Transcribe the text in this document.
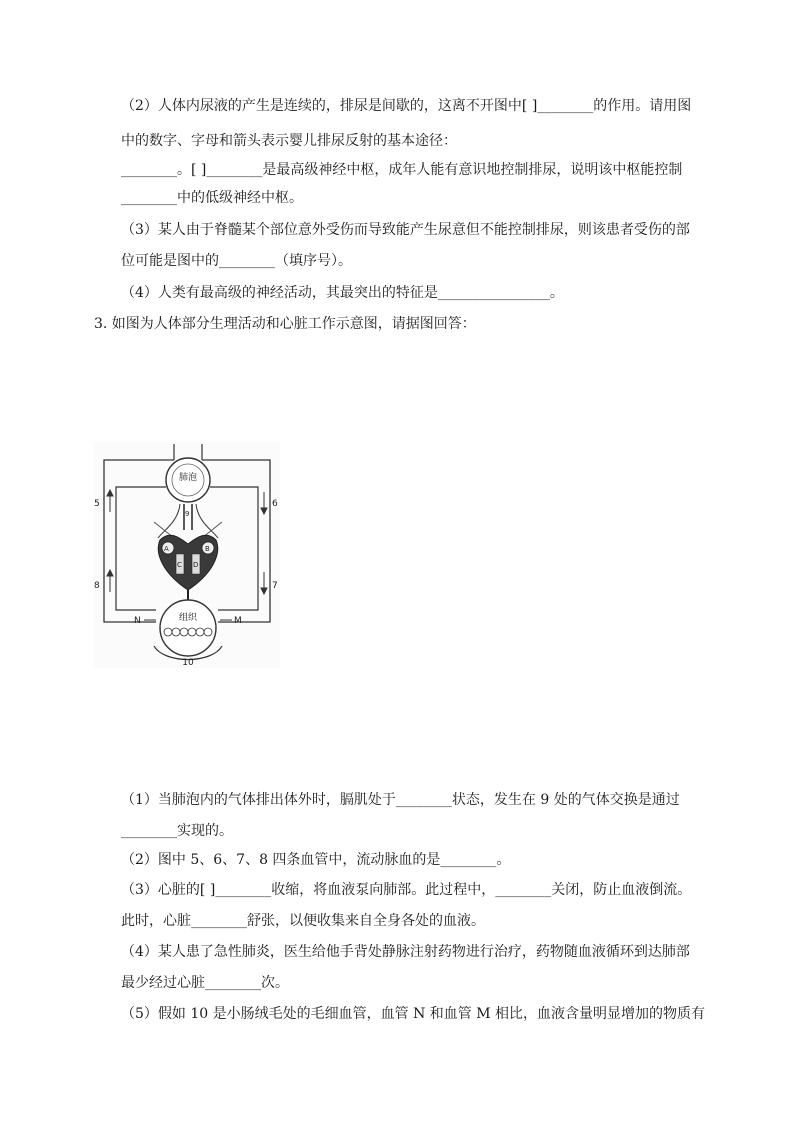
（2）人体内尿液的产生是连续的，排尿是间歇的，这离不开图中[ ]________的作用。请用图
中的数字、字母和箭头表示婴儿排尿反射的基本途径：
________。[ ]________是最高级神经中枢，成年人能有意识地控制排尿，说明该中枢能控制
________中的低级神经中枢。
（3）某人由于脊髓某个部位意外受伤而导致能产生尿意但不能控制排尿，则该患者受伤的部
位可能是图中的________（填序号）。
（4）人类有最高级的神经活动，其最突出的特征是________________。
3. 如图为人体部分生理活动和心脏工作示意图，请据图回答：
肺泡
9
A	B
C D
组织
N	M
10
5	6
7
8
（1）当肺泡内的气体排出体外时，膈肌处于________状态，发生在 9 处的气体交换是通过
________实现的。
（2）图中 5、6、7、8 四条血管中，流动脉血的是________。
（3）心脏的[ ]________收缩，将血液泵向肺部。此过程中，________关闭，防止血液倒流。
此时，心脏________舒张，以便收集来自全身各处的血液。
（4）某人患了急性肺炎，医生给他手背处静脉注射药物进行治疗，药物随血液循环到达肺部
最少经过心脏________次。
（5）假如 10 是小肠绒毛处的毛细血管，血管 N 和血管 M 相比，血液含量明显增加的物质有
